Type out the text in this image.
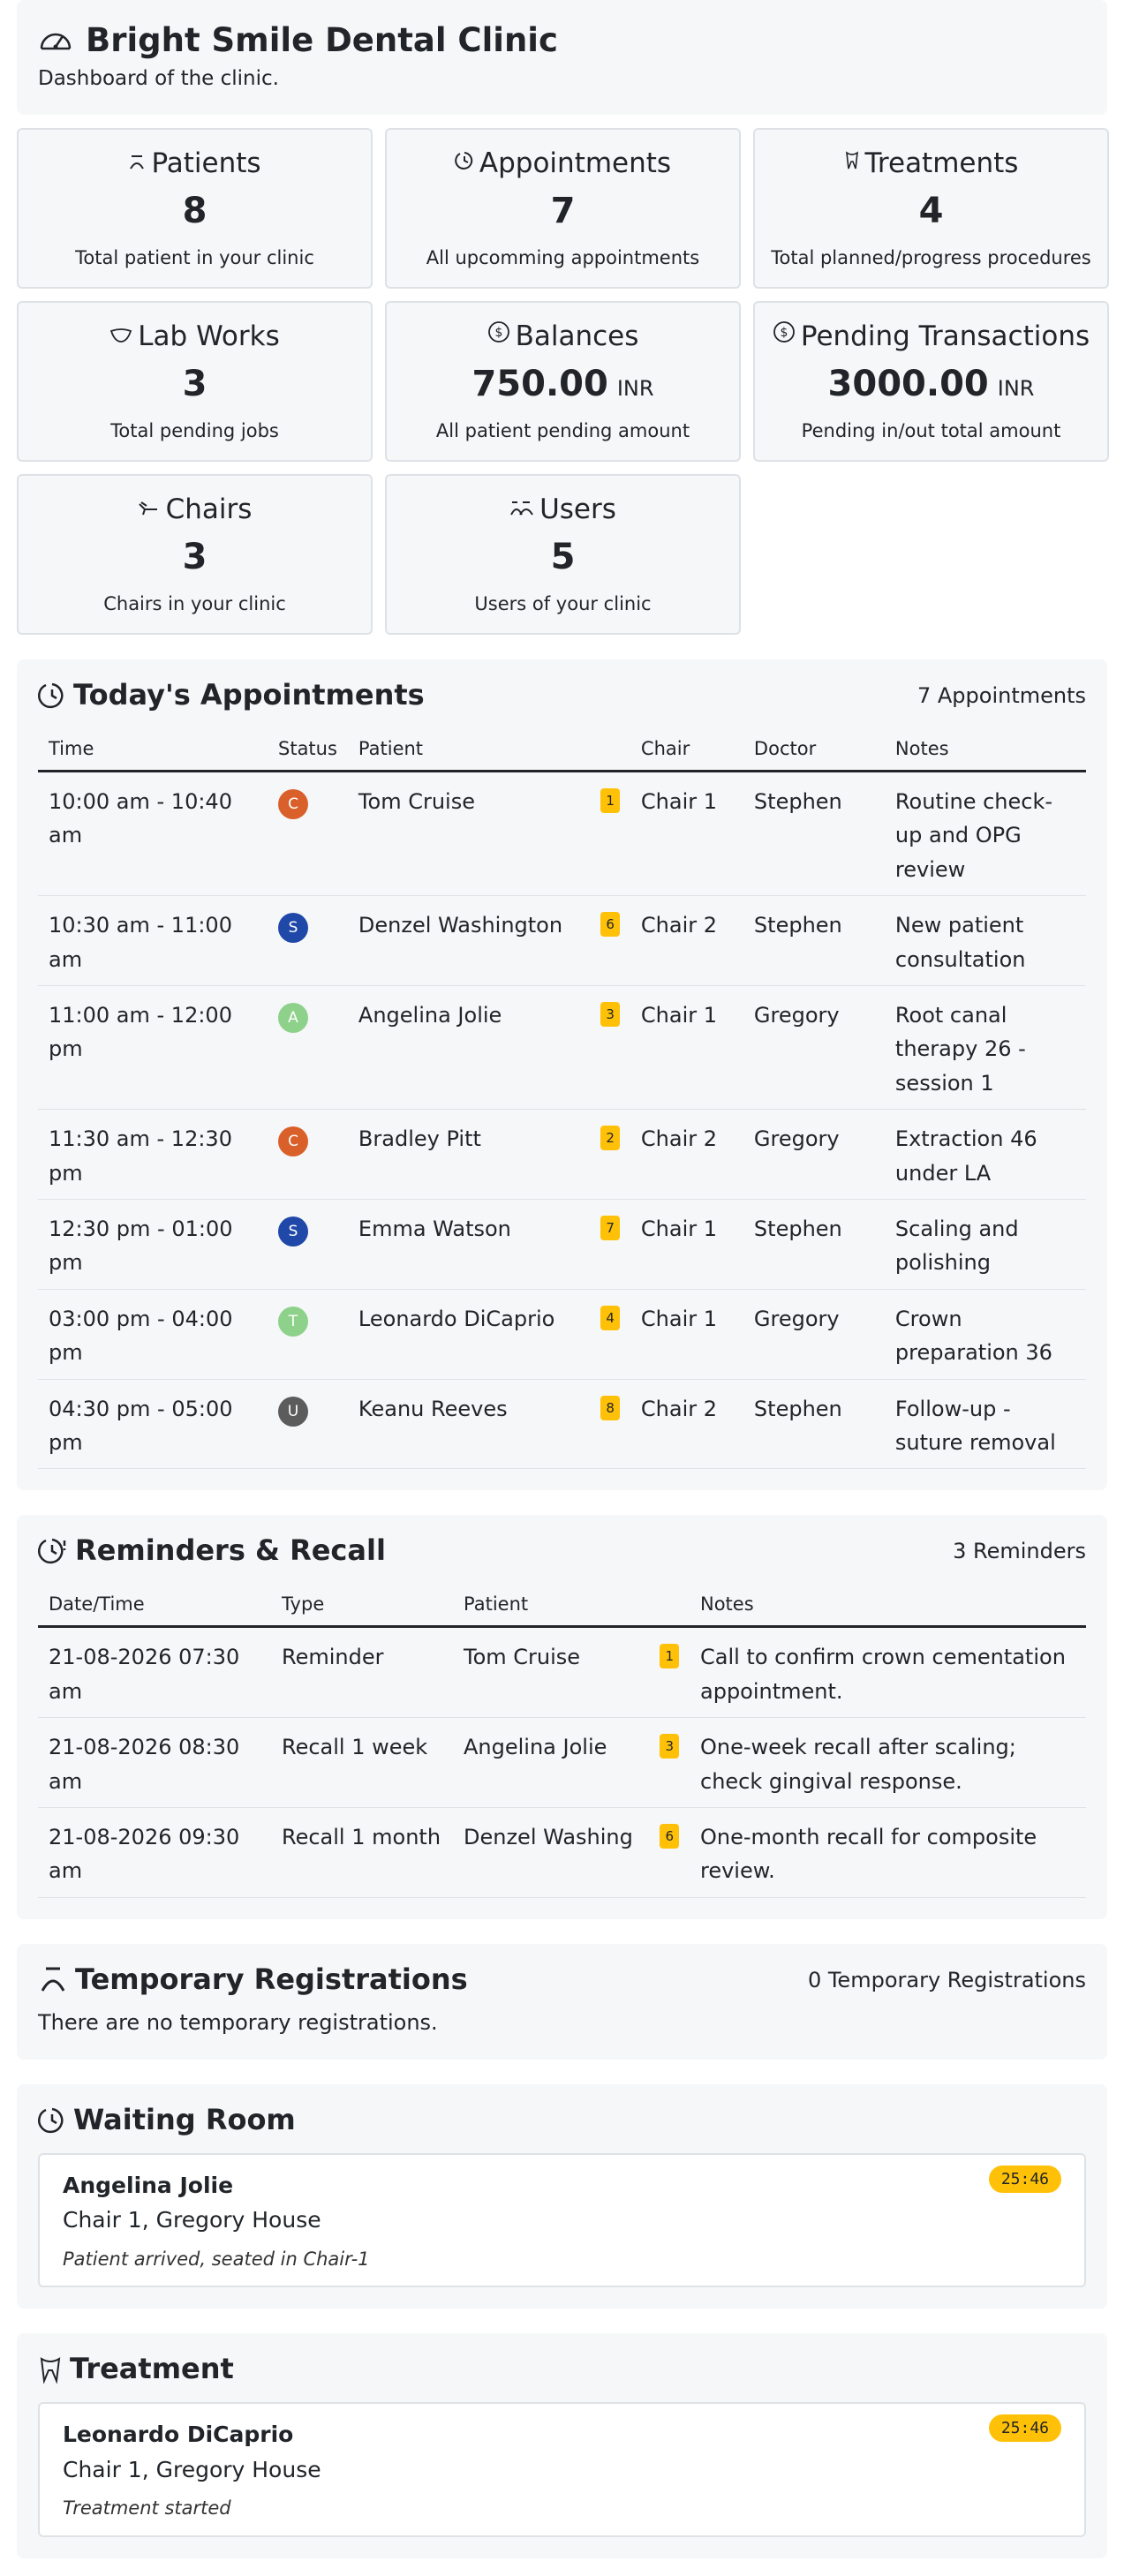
Bright Smile Dental Clinic
Dashboard of the clinic.
Patients
8
Total patient in your clinic
Appointments
7
All upcomming appointments
Treatments
4
Total planned/progress procedures
Lab Works
3
Total pending jobs
$ Balances
750.00 INR
All patient pending amount
$ Pending Transactions
3000.00 INR
Pending in/out total amount
Chairs
3
Chairs in your clinic
Users
5
Users of your clinic
Today's Appointments	7 Appointments
Time	Status	Patient	Chair	Doctor	Notes
10:00 am - 10:40 am	C	Tom Cruise 1	Chair 1	Stephen	Routine check-up and OPG review
10:30 am - 11:00 am	S	Denzel Washington 6	Chair 2	Stephen	New patient consultation
11:00 am - 12:00 pm	A	Angelina Jolie 3	Chair 1	Gregory	Root canal therapy 26 - session 1
11:30 am - 12:30 pm	C	Bradley Pitt 2	Chair 2	Gregory	Extraction 46 under LA
12:30 pm - 01:00 pm	S	Emma Watson 7	Chair 1	Stephen	Scaling and polishing
03:00 pm - 04:00 pm	T	Leonardo DiCaprio 4	Chair 1	Gregory	Crown preparation 36
04:30 pm - 05:00 pm	U	Keanu Reeves 8	Chair 2	Stephen	Follow-up - suture removal
Reminders & Recall	3 Reminders
Date/Time	Type	Patient	Notes
21-08-2026 07:30 am	Reminder	Tom Cruise 1	Call to confirm crown cementation appointment.
21-08-2026 08:30 am	Recall 1 week	Angelina Jolie 3	One-week recall after scaling; check gingival response.
21-08-2026 09:30 am	Recall 1 month	Denzel Washing 6	One-month recall for composite review.
Temporary Registrations	0 Temporary Registrations
There are no temporary registrations.
Waiting Room
25:46
Angelina Jolie
Chair 1, Gregory House
Patient arrived, seated in Chair-1
Treatment
25:46
Leonardo DiCaprio
Chair 1, Gregory House
Treatment started
